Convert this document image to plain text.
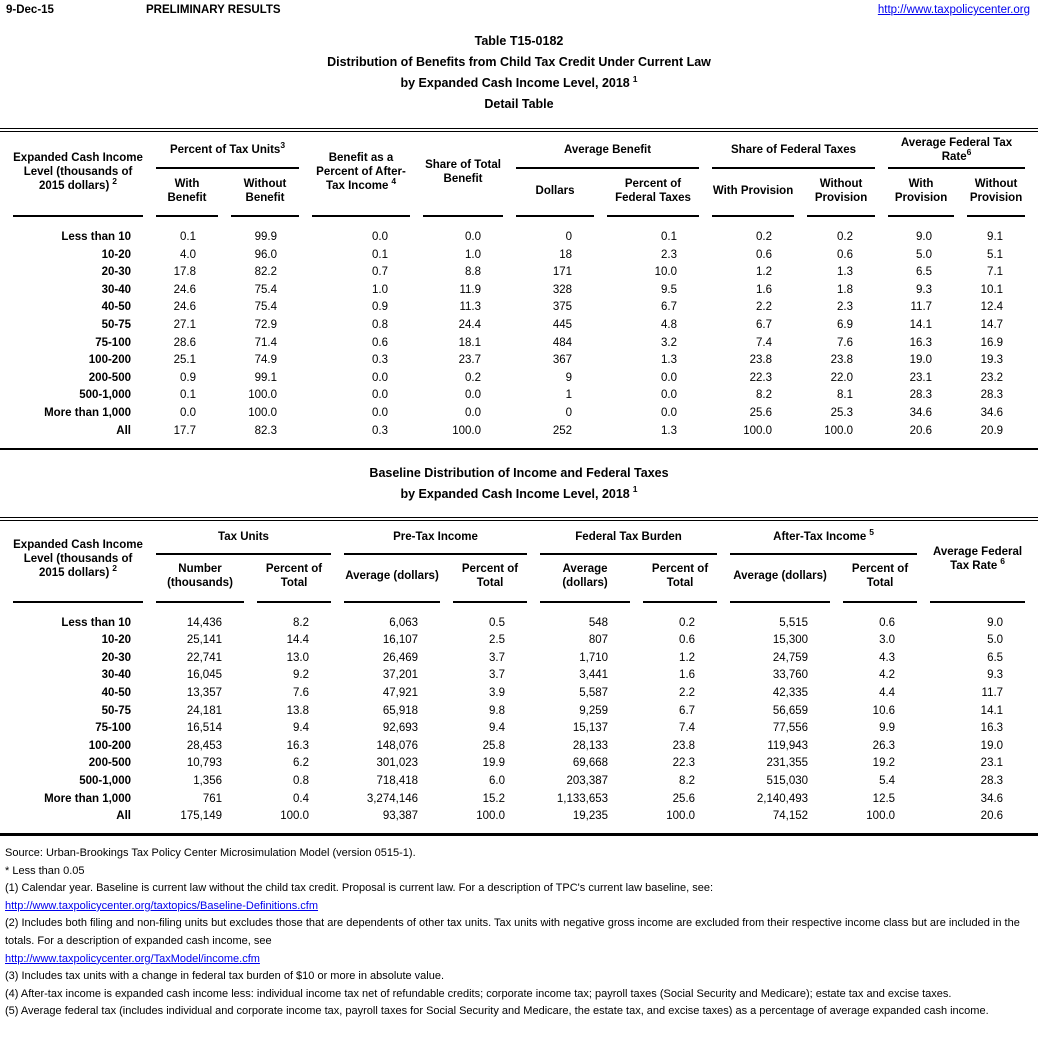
9-Dec-15	PRELIMINARY RESULTS	http://www.taxpolicycenter.org
Table T15-0182
Distribution of Benefits from Child Tax Credit Under Current Law
by Expanded Cash Income Level, 2018 $^1$
Detail Table
Expanded Cash Income Level (thousands of 2015 dollars) $^2$	Percent of Tax Units$^3$		Benefit as a Percent of After-Tax Income $^4$	Share of Total Benefit	Average Benefit		Share of Federal Taxes		Average Federal Tax Rate$^6$
	With Benefit	Without Benefit			Dollars	Percent of Federal Taxes	With Provision	Without Provision	With Provision	Without Provision
Less than 10	0.1	99.9	0.0	0.0	0	0.1	0.2	0.2	9.0	9.1
10-20	4.0	96.0	0.1	1.0	18	2.3	0.6	0.6	5.0	5.1
20-30	17.8	82.2	0.7	8.8	171	10.0	1.2	1.3	6.5	7.1
30-40	24.6	75.4	1.0	11.9	328	9.5	1.6	1.8	9.3	10.1
40-50	24.6	75.4	0.9	11.3	375	6.7	2.2	2.3	11.7	12.4
50-75	27.1	72.9	0.8	24.4	445	4.8	6.7	6.9	14.1	14.7
75-100	28.6	71.4	0.6	18.1	484	3.2	7.4	7.6	16.3	16.9
100-200	25.1	74.9	0.3	23.7	367	1.3	23.8	23.8	19.0	19.3
200-500	0.9	99.1	0.0	0.2	9	0.0	22.3	22.0	23.1	23.2
500-1,000	0.1	100.0	0.0	0.0	1	0.0	8.2	8.1	28.3	28.3
More than 1,000	0.0	100.0	0.0	0.0	0	0.0	25.6	25.3	34.6	34.6
All	17.7	82.3	0.3	100.0	252	1.3	100.0	100.0	20.6	20.9
Baseline Distribution of Income and Federal Taxes
by Expanded Cash Income Level, 2018 $^1$
Expanded Cash Income Level (thousands of 2015 dollars) $^2$	Tax Units		Pre-Tax Income		Federal Tax Burden		After-Tax Income $^5$		Average Federal Tax Rate $^6$
	Number (thousands)	Percent of Total	Average (dollars)	Percent of Total	Average (dollars)	Percent of Total	Average (dollars)	Percent of Total	
Less than 10	14,436	8.2	6,063	0.5	548	0.2	5,515	0.6	9.0
10-20	25,141	14.4	16,107	2.5	807	0.6	15,300	3.0	5.0
20-30	22,741	13.0	26,469	3.7	1,710	1.2	24,759	4.3	6.5
30-40	16,045	9.2	37,201	3.7	3,441	1.6	33,760	4.2	9.3
40-50	13,357	7.6	47,921	3.9	5,587	2.2	42,335	4.4	11.7
50-75	24,181	13.8	65,918	9.8	9,259	6.7	56,659	10.6	14.1
75-100	16,514	9.4	92,693	9.4	15,137	7.4	77,556	9.9	16.3
100-200	28,453	16.3	148,076	25.8	28,133	23.8	119,943	26.3	19.0
200-500	10,793	6.2	301,023	19.9	69,668	22.3	231,355	19.2	23.1
500-1,000	1,356	0.8	718,418	6.0	203,387	8.2	515,030	5.4	28.3
More than 1,000	761	0.4	3,274,146	15.2	1,133,653	25.6	2,140,493	12.5	34.6
All	175,149	100.0	93,387	100.0	19,235	100.0	74,152	100.0	20.6
Source: Urban-Brookings Tax Policy Center Microsimulation Model (version 0515-1).
* Less than 0.05
(1) Calendar year. Baseline is current law without the child tax credit. Proposal is current law. For a description of TPC's current law baseline, see:
http://www.taxpolicycenter.org/taxtopics/Baseline-Definitions.cfm
(2) Includes both filing and non-filing units but excludes those that are dependents of other tax units. Tax units with negative gross income are excluded from their respective income class but are included in the totals. For a description of expanded cash income, see
http://www.taxpolicycenter.org/TaxModel/income.cfm
(3) Includes tax units with a change in federal tax burden of $10 or more in absolute value.
(4) After-tax income is expanded cash income less: individual income tax net of refundable credits; corporate income tax; payroll taxes (Social Security and Medicare); estate tax and excise taxes.
(5) Average federal tax (includes individual and corporate income tax, payroll taxes for Social Security and Medicare, the estate tax, and excise taxes) as a percentage of average expanded cash income.
